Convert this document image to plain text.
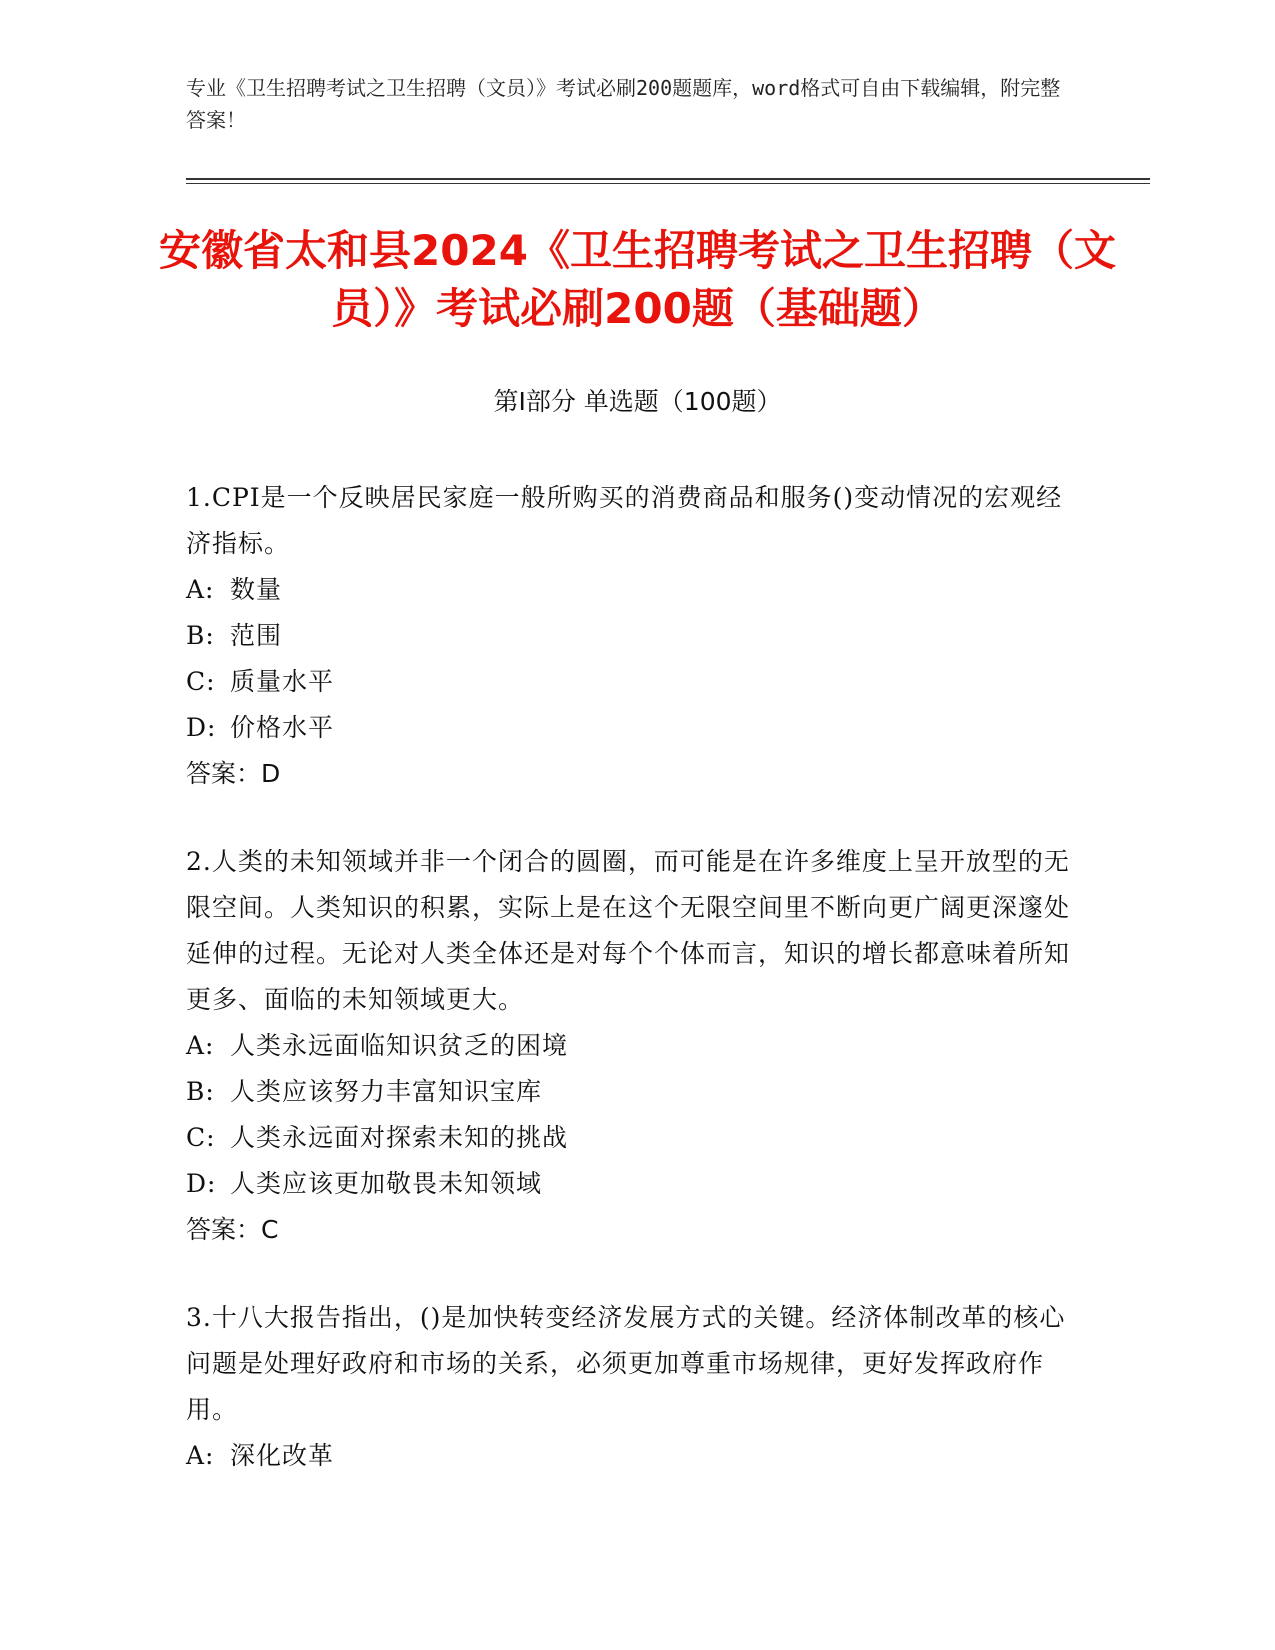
专业《卫生招聘考试之卫生招聘（文员）》考试必刷200题题库，word格式可自由下载编辑，附完整答案！
安徽省太和县2024《卫生招聘考试之卫生招聘（文员）》考试必刷200题（基础题）
第I部分 单选题（100题）
1.CPI是一个反映居民家庭一般所购买的消费商品和服务()变动情况的宏观经济指标。
A: 数量
B: 范围
C: 质量水平
D: 价格水平
答案：D
2.人类的未知领域并非一个闭合的圆圈，而可能是在许多维度上呈开放型的无限空间。人类知识的积累，实际上是在这个无限空间里不断向更广阔更深邃处延伸的过程。无论对人类全体还是对每个个体而言，知识的增长都意味着所知更多、面临的未知领域更大。
A: 人类永远面临知识贫乏的困境
B: 人类应该努力丰富知识宝库
C: 人类永远面对探索未知的挑战
D: 人类应该更加敬畏未知领域
答案：C
3.十八大报告指出，()是加快转变经济发展方式的关键。经济体制改革的核心问题是处理好政府和市场的关系，必须更加尊重市场规律，更好发挥政府作用。
A: 深化改革
